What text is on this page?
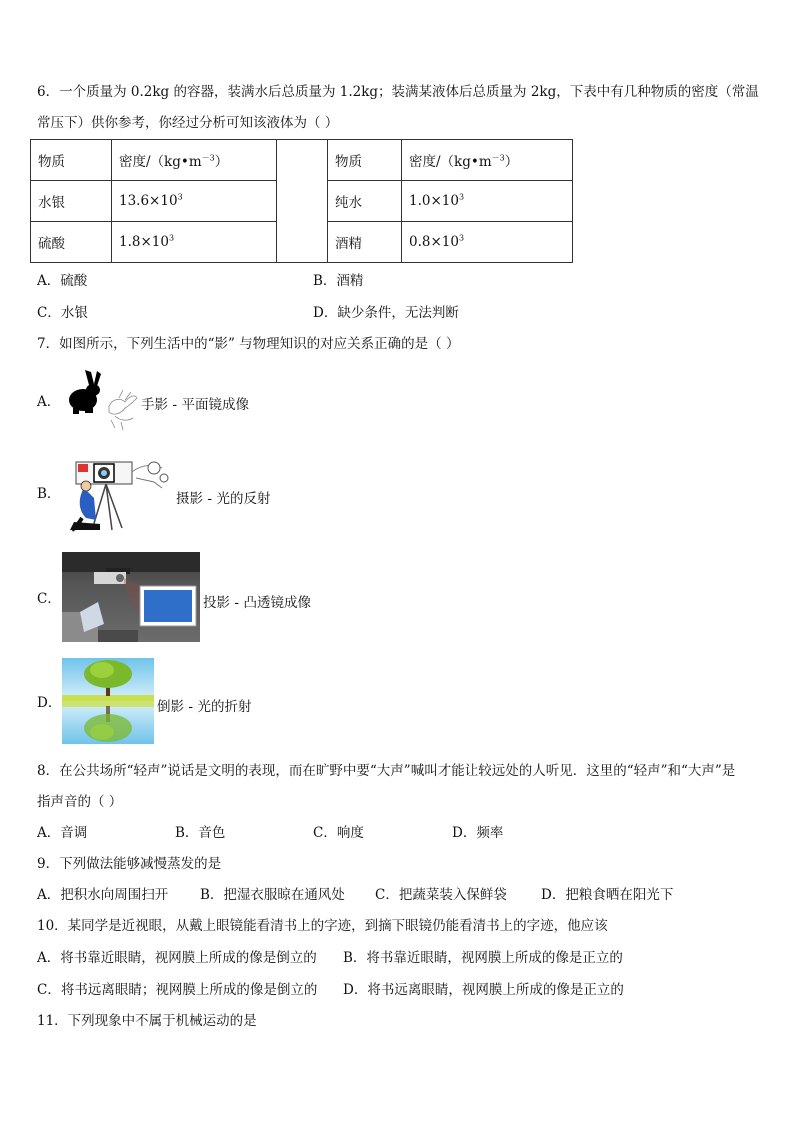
6．一个质量为 0.2kg 的容器，装满水后总质量为 1.2kg；装满某液体后总质量为 2kg，下表中有几种物质的密度（常温
常压下）供你参考，你经过分析可知该液体为（ ）
物质	密度$/(kg•m^{-3})$		物质	密度$/(kg•m^{-3})$
水银	$13.6\times 10^3$		纯水	$1.0\times 10^3$
硫酸	$1.8\times 10^3$		酒精	$0.8\times 10^3$
A．硫酸	B．酒精
C．水银	D．缺少条件，无法判断
7．如图所示，下列生活中的“影” 与物理知识的对应关系正确的是（ ）
A．	手影 - 平面镜成像
B．	摄影 - 光的反射
C．	投影 - 凸透镜成像
D．	倒影 - 光的折射
8．在公共场所“轻声”说话是文明的表现，而在旷野中要“大声”喊叫才能让较远处的人听见．这里的“轻声”和“大声”是
指声音的（ ）
A．音调	B．音色	C．响度	D．频率
9．下列做法能够减慢蒸发的是
A．把积水向周围扫开 B．把湿衣服晾在通风处 C．把蔬菜装入保鲜袋	D．把粮食晒在阳光下
10．某同学是近视眼，从戴上眼镜能看清书上的字迹，到摘下眼镜仍能看清书上的字迹，他应该
A．将书靠近眼睛，视网膜上所成的像是倒立的 B．将书靠近眼睛，视网膜上所成的像是正立的
C．将书远离眼睛；视网膜上所成的像是倒立的 D．将书远离眼睛，视网膜上所成的像是正立的
11．下列现象中不属于机械运动的是
